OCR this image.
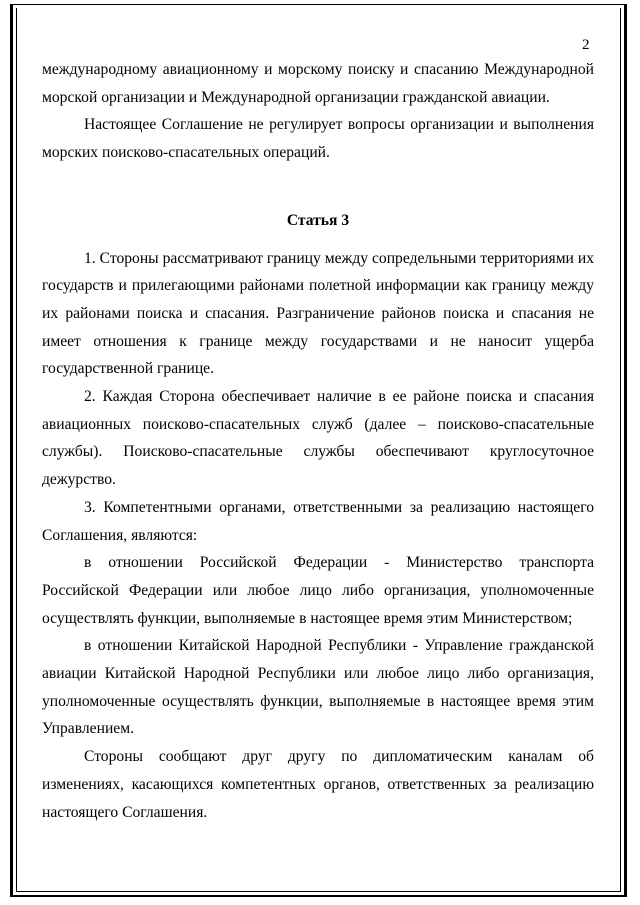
2

международному авиационному и морскому поиску и спасанию Международной морской организации и Международной организации гражданской авиации.

Настоящее Соглашение не регулирует вопросы организации и выполнения морских поисково-спасательных операций.

Статья 3

1. Стороны рассматривают границу между сопредельными территориями их государств и прилегающими районами полетной информации как границу между их районами поиска и спасания. Разграничение районов поиска и спасания не имеет отношения к границе между государствами и не наносит ущерба государственной границе.

2. Каждая Сторона обеспечивает наличие в ее районе поиска и спасания авиационных поисково-спасательных служб (далее – поисково-спасательные службы). Поисково-спасательные службы обеспечивают круглосуточное дежурство.

3. Компетентными органами, ответственными за реализацию настоящего Соглашения, являются:

в отношении Российской Федерации - Министерство транспорта Российской Федерации или любое лицо либо организация, уполномоченные осуществлять функции, выполняемые в настоящее время этим Министерством;

в отношении Китайской Народной Республики - Управление гражданской авиации Китайской Народной Республики или любое лицо либо организация, уполномоченные осуществлять функции, выполняемые в настоящее время этим Управлением.

Стороны сообщают друг другу по дипломатическим каналам об изменениях, касающихся компетентных органов, ответственных за реализацию настоящего Соглашения.
